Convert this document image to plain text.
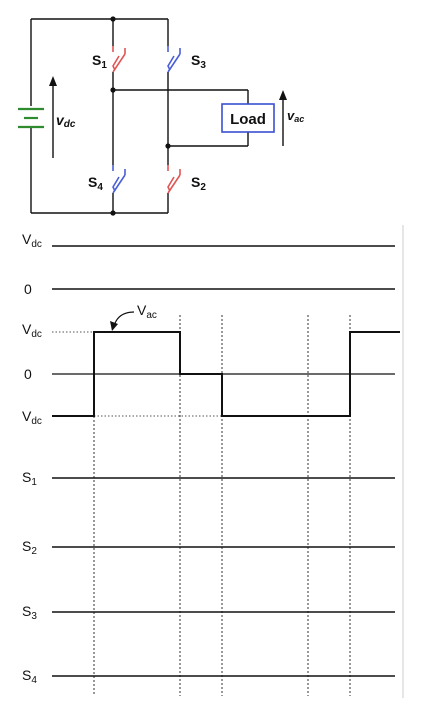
vdc
$S_1$	$S_3$
$S_4$	$S_2$
Load vac
$V_{dc}$
0
$V_{dc}$
0
$V_{dc}$
$V_{ac}$
$S_1$
$S_2$
$S_3$
$S_4$
